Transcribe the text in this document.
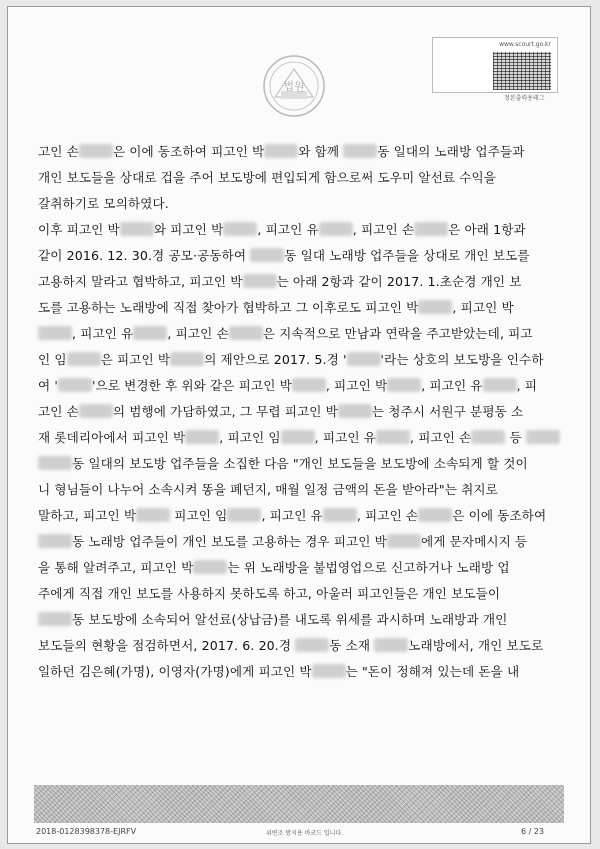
법원
www.scourt.go.kr
정본출력용태그

고인 손	은 이에 동조하여 피고인 박	와 함께	동 일대의 노래방 업주들과

개인 보도들을 상대로 겁을 주어 보도방에 편입되게 함으로써 도우미 알선료 수익을

갈취하기로 모의하였다.

이후 피고인 박	와 피고인 박	, 피고인 유	, 피고인 손	은 아래 1항과

같이 2016. 12. 30.경 공모·공동하여	동 일대 노래방 업주들을 상대로 개인 보도를

고용하지 말라고 협박하고, 피고인 박	는 아래 2항과 같이 2017. 1.초순경 개인 보

도를 고용하는 노래방에 직접 찾아가 협박하고 그 이후로도 피고인 박	, 피고인 박

, 피고인 유	, 피고인 손	은 지속적으로 만남과 연락을 주고받았는데, 피고

인 임	은 피고인 박	의 제안으로 2017. 5.경 '	'라는 상호의 보도방을 인수하

여 '	'으로 변경한 후 위와 같은 피고인 박	, 피고인 박	, 피고인 유	, 피

고인 손	의 범행에 가담하였고, 그 무렵 피고인 박	는 청주시 서원구 분평동 소

재 롯데리아에서 피고인 박	, 피고인 임	, 피고인 유	, 피고인 손	등

동 일대의 보도방 업주들을 소집한 다음 "개인 보도들을 보도방에 소속되게 할 것이

니 형님들이 나누어 소속시켜 똥을 폐던지, 매월 일정 금액의 돈을 받아라"는 취지로

말하고, 피고인 박	피고인 임	, 피고인 유	, 피고인 손	은 이에 동조하여

동 노래방 업주들이 개인 보도를 고용하는 경우 피고인 박	에게 문자메시지 등

을 통해 알려주고, 피고인 박	는 위 노래방을 불법영업으로 신고하거나 노래방 업

주에게 직접 개인 보도를 사용하지 못하도록 하고, 아울러 피고인들은 개인 보도들이

동 보도방에 소속되어 알선료(상납금)를 내도록 위세를 과시하며 노래방과 개인

보도들의 현황을 점검하면서, 2017. 6. 20.경	동 소재	노래방에서, 개인 보도로

일하던 김은혜(가명), 이영자(가명)에게 피고인 박	는 "돈이 정해져 있는데 돈을 내

2018-0128398378-EJRFV	위변조 방지용 바코드 입니다.	6 / 23
